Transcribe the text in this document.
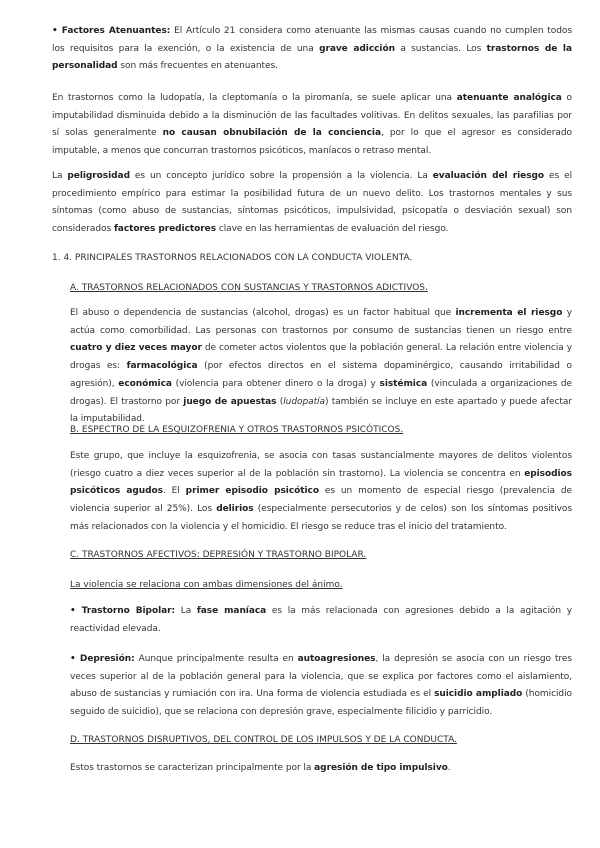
• Factores Atenuantes: El Artículo 21 considera como atenuante las mismas causas cuando no cumplen todos los requisitos para la exención, o la existencia de una grave adicción a sustancias. Los trastornos de la personalidad son más frecuentes en atenuantes.

En trastornos como la ludopatía, la cleptomanía o la piromanía, se suele aplicar una atenuante analógica o imputabilidad disminuida debido a la disminución de las facultades volitivas. En delitos sexuales, las parafilias por sí solas generalmente no causan obnubilación de la conciencia, por lo que el agresor es considerado imputable, a menos que concurran trastornos psicóticos, maníacos o retraso mental.

La peligrosidad es un concepto jurídico sobre la propensión a la violencia. La evaluación del riesgo es el procedimiento empírico para estimar la posibilidad futura de un nuevo delito. Los trastornos mentales y sus síntomas (como abuso de sustancias, síntomas psicóticos, impulsividad, psicopatía o desviación sexual) son considerados factores predictores clave en las herramientas de evaluación del riesgo.

1. 4. PRINCIPALES TRASTORNOS RELACIONADOS CON LA CONDUCTA VIOLENTA.

A. TRASTORNOS RELACIONADOS CON SUSTANCIAS Y TRASTORNOS ADICTIVOS.

El abuso o dependencia de sustancias (alcohol, drogas) es un factor habitual que incrementa el riesgo y actúa como comorbilidad. Las personas con trastornos por consumo de sustancias tienen un riesgo entre cuatro y diez veces mayor de cometer actos violentos que la población general. La relación entre violencia y drogas es: farmacológica (por efectos directos en el sistema dopaminérgico, causando irritabilidad o agresión), económica (violencia para obtener dinero o la droga) y sistémica (vinculada a organizaciones de drogas). El trastorno por juego de apuestas (ludopatía) también se incluye en este apartado y puede afectar la imputabilidad.

B. ESPECTRO DE LA ESQUIZOFRENIA Y OTROS TRASTORNOS PSICÓTICOS.

Este grupo, que incluye la esquizofrenia, se asocia con tasas sustancialmente mayores de delitos violentos (riesgo cuatro a diez veces superior al de la población sin trastorno). La violencia se concentra en episodios psicóticos agudos. El primer episodio psicótico es un momento de especial riesgo (prevalencia de violencia superior al 25%). Los delirios (especialmente persecutorios y de celos) son los síntomas positivos más relacionados con la violencia y el homicidio. El riesgo se reduce tras el inicio del tratamiento.

C. TRASTORNOS AFECTIVOS: DEPRESIÓN Y TRASTORNO BIPOLAR.

La violencia se relaciona con ambas dimensiones del ánimo.

• Trastorno Bipolar: La fase maníaca es la más relacionada con agresiones debido a la agitación y reactividad elevada.

• Depresión: Aunque principalmente resulta en autoagresiones, la depresión se asocia con un riesgo tres veces superior al de la población general para la violencia, que se explica por factores como el aislamiento, abuso de sustancias y rumiación con ira. Una forma de violencia estudiada es el suicidio ampliado (homicidio seguido de suicidio), que se relaciona con depresión grave, especialmente filicidio y parricidio.

D. TRASTORNOS DISRUPTIVOS, DEL CONTROL DE LOS IMPULSOS Y DE LA CONDUCTA.

Estos trastornos se caracterizan principalmente por la agresión de tipo impulsivo.
